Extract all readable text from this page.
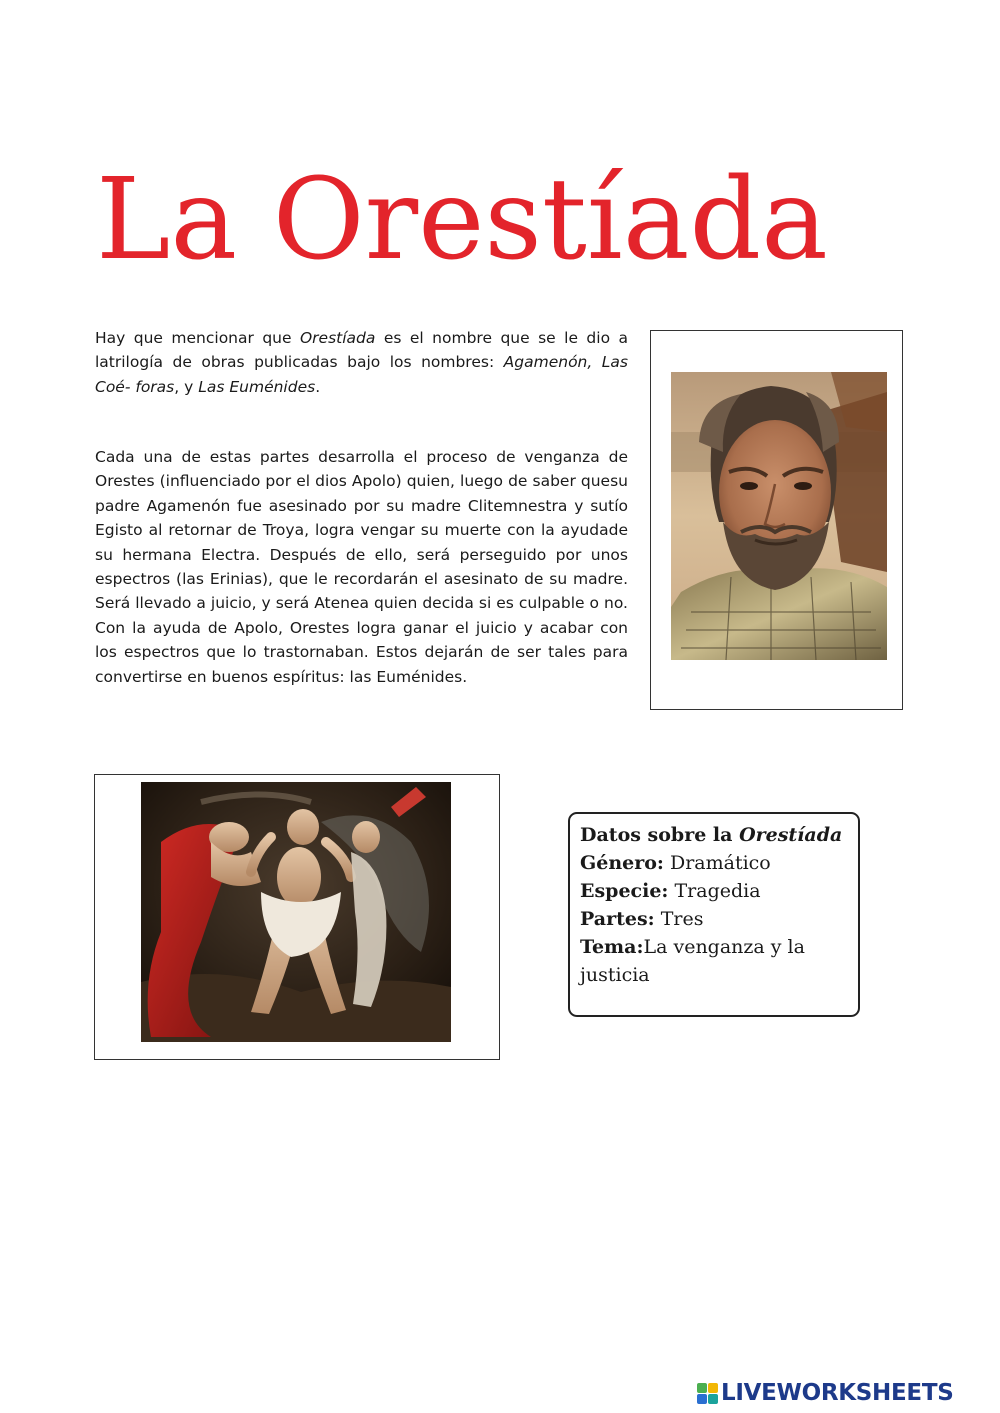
La Orestíada

Hay que mencionar que Orestíada es el nombre que se le dio a latrilogía de obras publicadas bajo los nombres: Agamenón, Las Coé- foras, y Las Euménides.

Cada una de estas partes desarrolla el proceso de venganza de Orestes (influenciado por el dios Apolo) quien, luego de saber quesu padre Agamenón fue asesinado por su madre Clitemnestra y sutío Egisto al retornar de Troya, logra vengar su muerte con la ayudade su hermana Electra. Después de ello, será perseguido por unos espectros (las Erinias), que le recordarán el asesinato de su madre. Será llevado a juicio, y será Atenea quien decida si es culpable o no. Con la ayuda de Apolo, Orestes logra ganar el juicio y acabar con los espectros que lo trastornaban. Estos dejarán de ser tales para convertirse en buenos espíritus: las Euménides.

Datos sobre la Orestíada

Género: Dramático

Especie: Tragedia

Partes: Tres

Tema:La venganza y la justicia

LIVEWORKSHEETS
